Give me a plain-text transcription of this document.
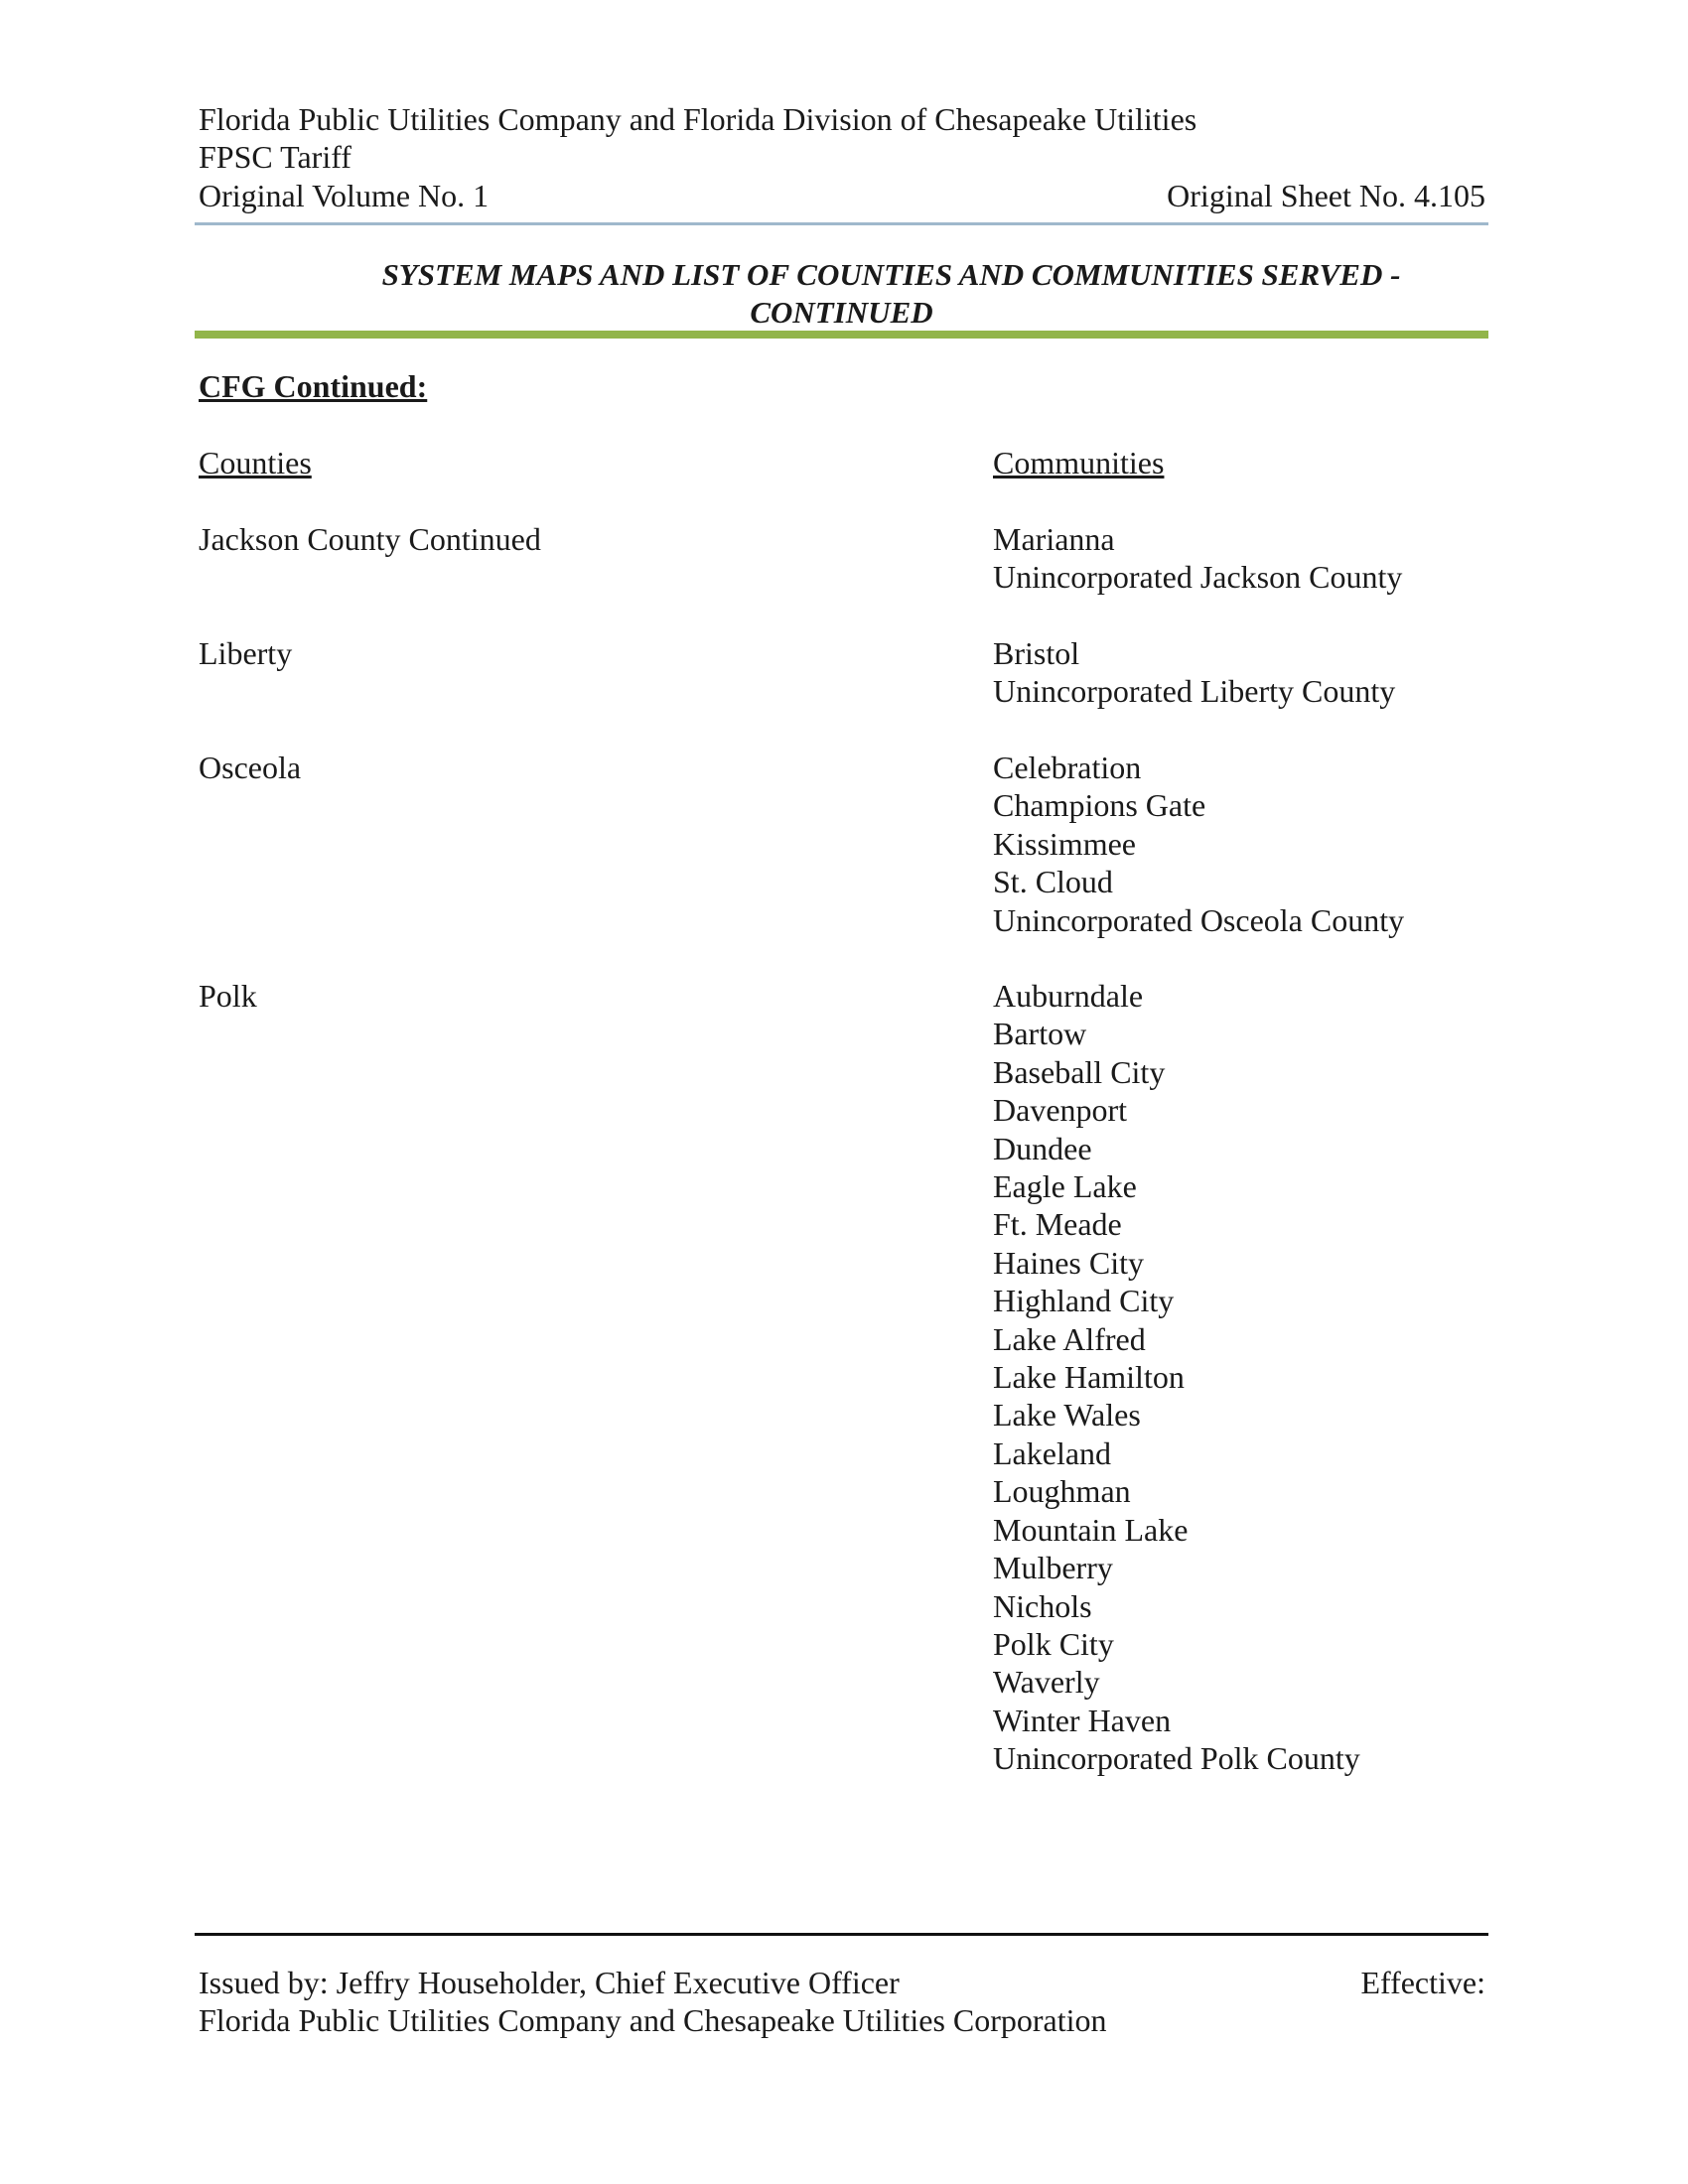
Florida Public Utilities Company and Florida Division of Chesapeake Utilities
FPSC Tariff
Original Volume No. 1	Original Sheet No. 4.105
SYSTEM MAPS AND LIST OF COUNTIES AND COMMUNITIES SERVED -
CONTINUED
CFG Continued:
Counties	Communities
Jackson County Continued	Marianna
Unincorporated Jackson County
Liberty	Bristol
Unincorporated Liberty County
Osceola	Celebration
Champions Gate
Kissimmee
St. Cloud
Unincorporated Osceola County
Polk	Auburndale
Bartow
Baseball City
Davenport
Dundee
Eagle Lake
Ft. Meade
Haines City
Highland City
Lake Alfred
Lake Hamilton
Lake Wales
Lakeland
Loughman
Mountain Lake
Mulberry
Nichols
Polk City
Waverly
Winter Haven
Unincorporated Polk County
Issued by: Jeffry Householder, Chief Executive Officer	Effective:
Florida Public Utilities Company and Chesapeake Utilities Corporation
